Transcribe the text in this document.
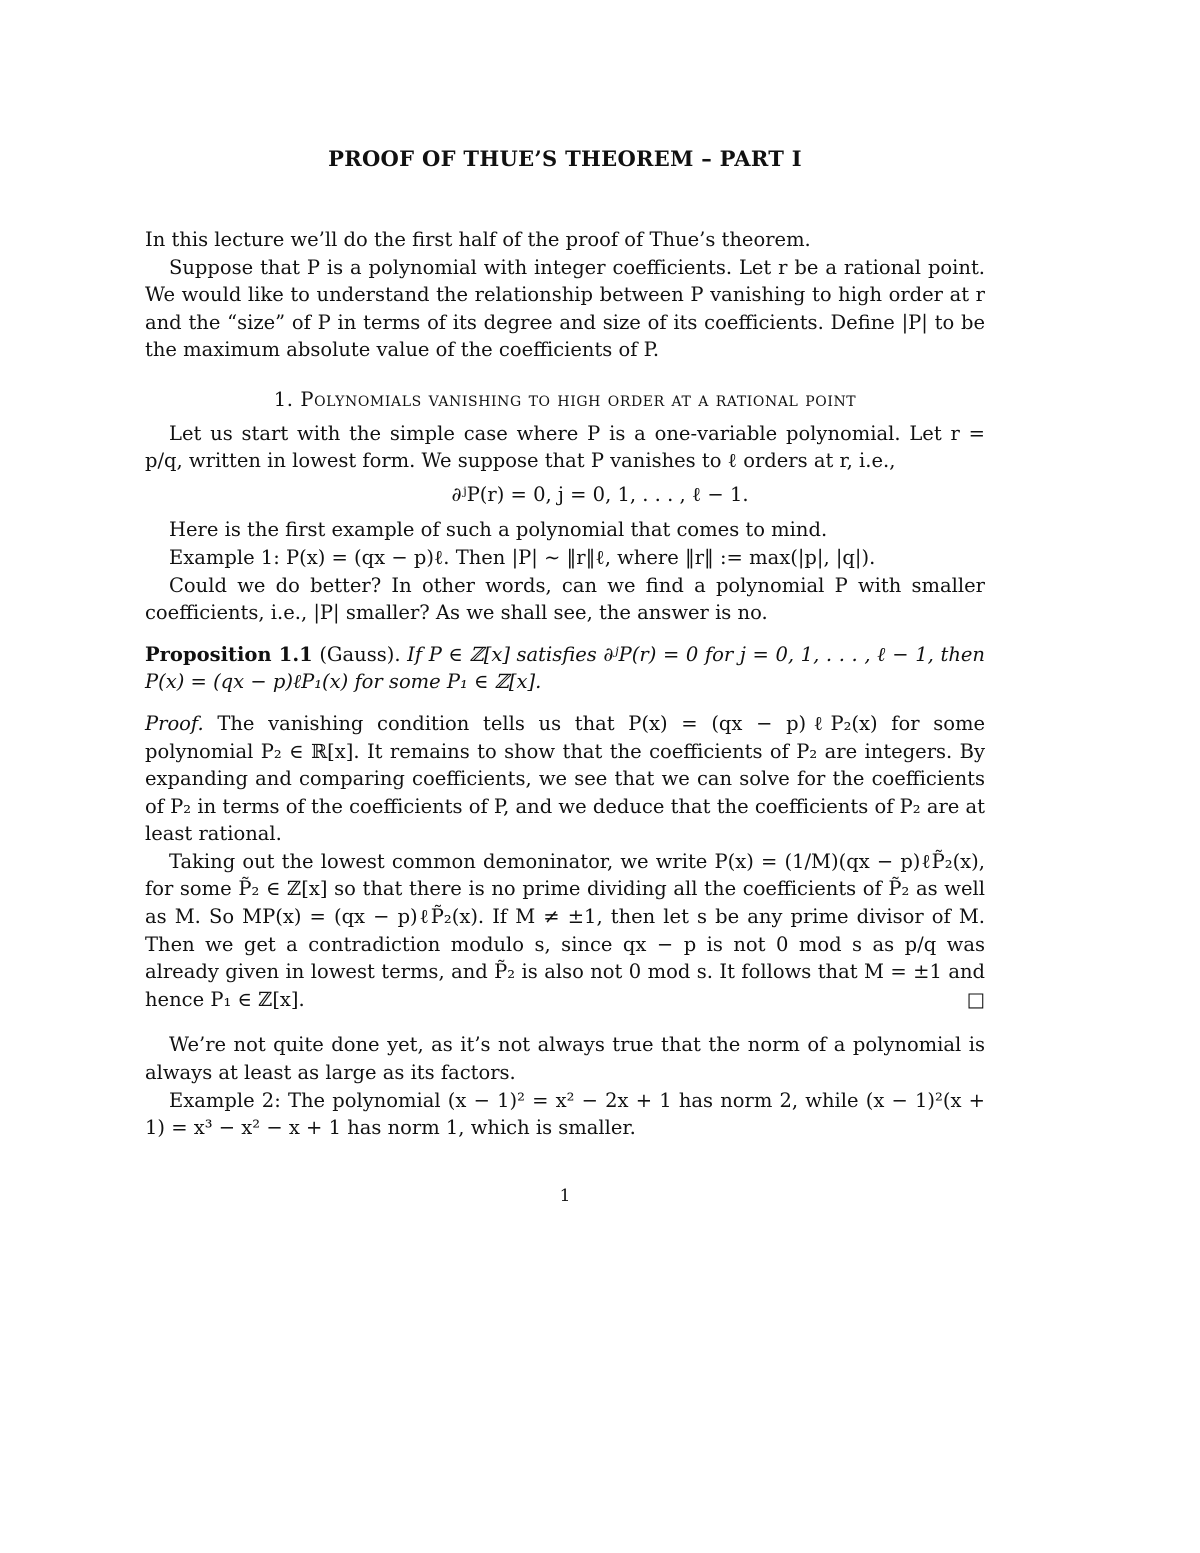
PROOF OF THUE’S THEOREM – PART I

In this lecture we’ll do the first half of the proof of Thue’s theorem.

Suppose that P is a polynomial with integer coefficients. Let r be a rational point. We would like to understand the relationship between P vanishing to high order at r and the “size” of P in terms of its degree and size of its coefficients. Define |P| to be the maximum absolute value of the coefficients of P.

1. Polynomials vanishing to high order at a rational point

Let us start with the simple case where P is a one-variable polynomial. Let r = p/q, written in lowest form. We suppose that P vanishes to ℓ orders at r, i.e.,

∂ʲP(r) = 0, j = 0, 1, . . . , ℓ − 1.

Here is the first example of such a polynomial that comes to mind.

Example 1: P(x) = (qx − p)ℓ. Then |P| ∼ ‖r‖ℓ, where ‖r‖ := max(|p|, |q|).

Could we do better? In other words, can we find a polynomial P with smaller coefficients, i.e., |P| smaller? As we shall see, the answer is no.

Proposition 1.1 (Gauss). If P ∈ ℤ[x] satisfies ∂ʲP(r) = 0 for j = 0, 1, . . . , ℓ − 1, then P(x) = (qx − p)ℓP₁(x) for some P₁ ∈ ℤ[x].

Proof. The vanishing condition tells us that P(x) = (qx − p)ℓP₂(x) for some polynomial P₂ ∈ ℝ[x]. It remains to show that the coefficients of P₂ are integers. By expanding and comparing coefficients, we see that we can solve for the coefficients of P₂ in terms of the coefficients of P, and we deduce that the coefficients of P₂ are at least rational.

Taking out the lowest common demoninator, we write P(x) = (1/M)(qx − p)ℓP̃₂(x), for some P̃₂ ∈ ℤ[x] so that there is no prime dividing all the coefficients of P̃₂ as well as M. So MP(x) = (qx − p)ℓP̃₂(x). If M ≠ ±1, then let s be any prime divisor of M. Then we get a contradiction modulo s, since qx − p is not 0 mod s as p/q was already given in lowest terms, and P̃₂ is also not 0 mod s. It follows that M = ±1 and hence P₁ ∈ ℤ[x].	□

We’re not quite done yet, as it’s not always true that the norm of a polynomial is always at least as large as its factors.

Example 2: The polynomial (x − 1)² = x² − 2x + 1 has norm 2, while (x − 1)²(x + 1) = x³ − x² − x + 1 has norm 1, which is smaller.

1
